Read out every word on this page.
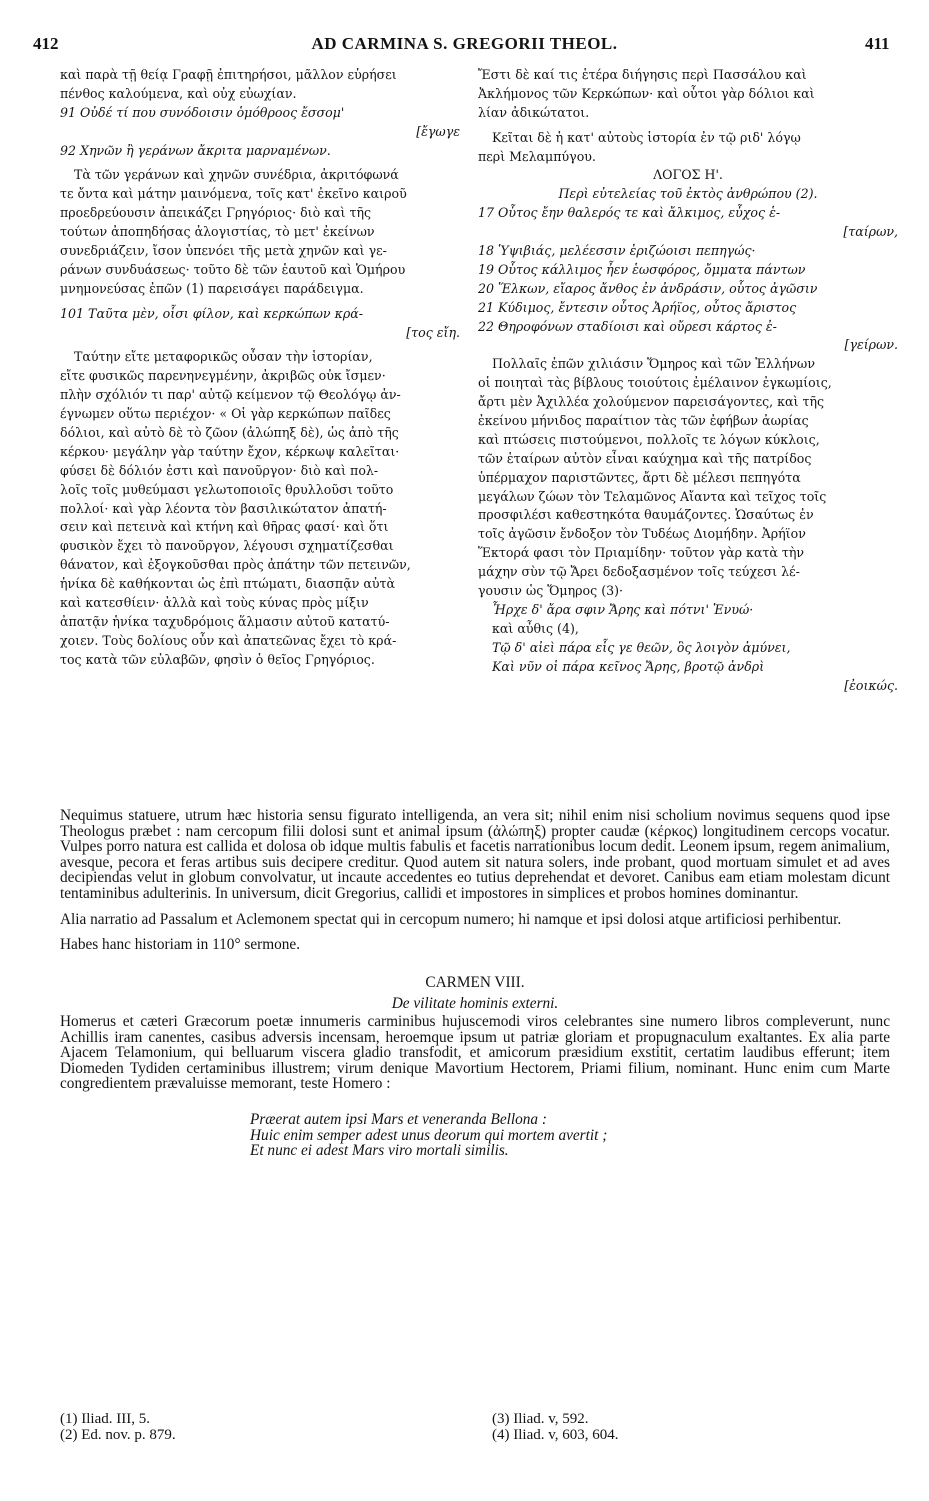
412	AD CARMINA S. GREGORII THEOL.	411
καὶ παρὰ τῇ θείᾳ Γραφῇ ἐπιτηρήσοι, μᾶλλον εὑρήσει
πένθος καλούμενα, καὶ οὐχ εὐωχίαν.
91 Οὐδέ τί που συνόδοισιν ὁμόθροος ἔσσομ'
[ἔγωγε
92 Χηνῶν ἢ γεράνων ἄκριτα μαρναμένων.
Τὰ τῶν γεράνων καὶ χηνῶν συνέδρια, ἀκριτόφωνά
τε ὄντα καὶ μάτην μαινόμενα, τοῖς κατ' ἐκεῖνο καιροῦ
προεδρεύουσιν ἀπεικάζει Γρηγόριος· διὸ καὶ τῆς
τούτων ἀποπηδήσας ἀλογιστίας, τὸ μετ' ἐκείνων
συνεδριάζειν, ἴσον ὑπενόει τῆς μετὰ χηνῶν καὶ γε-
ράνων συνδυάσεως· τοῦτο δὲ τῶν ἑαυτοῦ καὶ Ὁμήρου
μνημονεύσας ἐπῶν (1) παρεισάγει παράδειγμα.
101 Ταῦτα μὲν, οἷσι φίλον, καὶ κερκώπων κρά-
[τος εἴη.
Ταύτην εἴτε μεταφορικῶς οὖσαν τὴν ἱστορίαν,
εἴτε φυσικῶς παρενηνεγμένην, ἀκριβῶς οὐκ ἴσμεν·
πλὴν σχόλιόν τι παρ' αὐτῷ κείμενον τῷ Θεολόγῳ ἀν-
έγνωμεν οὕτω περιέχον· « Οἱ γὰρ κερκώπων παῖδες
δόλιοι, καὶ αὐτὸ δὲ τὸ ζῶον (ἀλώπηξ δὲ), ὡς ἀπὸ τῆς
κέρκου· μεγάλην γὰρ ταύτην ἔχον, κέρκωψ καλεῖται·
φύσει δὲ δόλιόν ἐστι καὶ πανοῦργον· διὸ καὶ πολ-
λοῖς τοῖς μυθεύμασι γελωτοποιοῖς θρυλλοῦσι τοῦτο
πολλοί· καὶ γὰρ λέοντα τὸν βασιλικώτατον ἀπατή-
σειν καὶ πετεινὰ καὶ κτήνη καὶ θῆρας φασί· καὶ ὅτι
φυσικὸν ἔχει τὸ πανοῦργον, λέγουσι σχηματίζεσθαι
θάνατον, καὶ ἐξογκοῦσθαι πρὸς ἀπάτην τῶν πετεινῶν,
ἡνίκα δὲ καθήκονται ὡς ἐπὶ πτώματι, διασπᾷν αὐτὰ
καὶ κατεσθίειν· ἀλλὰ καὶ τοὺς κύνας πρὸς μίξιν
ἀπατᾷν ἡνίκα ταχυδρόμοις ἅλμασιν αὐτοῦ κατατύ-
χοιεν. Τοὺς δολίους οὖν καὶ ἀπατεῶνας ἔχει τὸ κρά-
τος κατὰ τῶν εὐλαβῶν, φησὶν ὁ θεῖος Γρηγόριος.
Ἔστι δὲ καί τις ἑτέρα διήγησις περὶ Πασσάλου καὶ
Ἀκλήμονος τῶν Κερκώπων· καὶ οὗτοι γὰρ δόλιοι καὶ
λίαν ἀδικώτατοι.
Κεῖται δὲ ἡ κατ' αὐτοὺς ἱστορία ἐν τῷ ριδ' λόγῳ
περὶ Μελαμπύγου.
ΛΟΓΟΣ Η'.
Περὶ εὐτελείας τοῦ ἐκτὸς ἀνθρώπου (2).
17 Οὗτος ἔην θαλερός τε καὶ ἄλκιμος, εὖχος ἑ-
[ταίρων,
18 Ὑψιβιάς, μελέεσσιν ἐριζώοισι πεπηγώς·
19 Οὗτος κάλλιμος ἦεν ἑωσφόρος, ὄμματα πάντων
20 Ἕλκων, εἴαρος ἄνθος ἐν ἀνδράσιν, οὗτος ἀγῶσιν
21 Κύδιμος, ἔντεσιν οὗτος Ἀρήϊος, οὗτος ἄριστος
22 Θηροφόνων σταδίοισι καὶ οὔρεσι κάρτος ἐ-
[γείρων.
Πολλαῖς ἐπῶν χιλιάσιν Ὅμηρος καὶ τῶν Ἑλλήνων
οἱ ποιηταὶ τὰς βίβλους τοιούτοις ἐμέλαινον ἐγκωμίοις,
ἄρτι μὲν Ἀχιλλέα χολούμενον παρεισάγοντες, καὶ τῆς
ἐκείνου μήνιδος παραίτιον τὰς τῶν ἐφήβων ἀωρίας
καὶ πτώσεις πιστούμενοι, πολλοῖς τε λόγων κύκλοις,
τῶν ἑταίρων αὐτὸν εἶναι καύχημα καὶ τῆς πατρίδος
ὑπέρμαχον παριστῶντες, ἄρτι δὲ μέλεσι πεπηγότα
μεγάλων ζώων τὸν Τελαμῶνος Αἴαντα καὶ τεῖχος τοῖς
προσφιλέσι καθεστηκότα θαυμάζοντες. Ὡσαύτως ἐν
τοῖς ἀγῶσιν ἔνδοξον τὸν Τυδέως Διομήδην. Ἀρήϊον
Ἕκτορά φασι τὸν Πριαμίδην· τοῦτον γὰρ κατὰ τὴν
μάχην σὺν τῷ Ἄρει δεδοξασμένον τοῖς τεύχεσι λέ-
γουσιν ὡς Ὅμηρος (3)·
Ἦρχε δ' ἄρα σφιν Ἄρης καὶ πότνι' Ἐνυώ·
καὶ αὖθις (4),
Τῷ δ' αἰεὶ πάρα εἷς γε θεῶν, ὃς λοιγὸν ἀμύνει,
Καὶ νῦν οἱ πάρα κεῖνος Ἄρης, βροτῷ ἀνδρὶ
[ἐοικώς.

Nequimus statuere, utrum hæc historia sensu figurato intelligenda, an vera sit; nihil enim nisi scholium novimus sequens quod ipse Theologus præbet : nam cercopum filii dolosi sunt et animal ipsum (ἀλώπηξ) propter caudæ (κέρκος) longitudinem cercops vocatur. Vulpes porro natura est callida et dolosa ob idque multis fabulis et facetis narrationibus locum dedit. Leonem ipsum, regem animalium, avesque, pecora et feras artibus suis decipere creditur. Quod autem sit natura solers, inde probant, quod mortuam simulet et ad aves decipiendas velut in globum convolvatur, ut incaute accedentes eo tutius deprehendat et devoret. Canibus eam etiam molestam dicunt tentaminibus adulterinis. In universum, dicit Gregorius, callidi et impostores in simplices et probos homines dominantur.

Alia narratio ad Passalum et Aclemonem spectat qui in cercopum numero; hi namque et ipsi dolosi atque artificiosi perhibentur.

Habes hanc historiam in 110° sermone.

CARMEN VIII.

De vilitate hominis externi.

Homerus et cæteri Græcorum poetæ innumeris carminibus hujuscemodi viros celebrantes sine numero libros compleverunt, nunc Achillis iram canentes, casibus adversis incensam, heroemque ipsum ut patriæ gloriam et propugnaculum exaltantes. Ex alia parte Ajacem Telamonium, qui belluarum viscera gladio transfodit, et amicorum præsidium exstitit, certatim laudibus efferunt; item Diomeden Tydiden certaminibus illustrem; virum denique Mavortium Hectorem, Priami filium, nominant. Hunc enim cum Marte congredientem prævaluisse memorant, teste Homero :

Præerat autem ipsi Mars et veneranda Bellona :
Huic enim semper adest unus deorum qui mortem avertit ;
Et nunc ei adest Mars viro mortali similis.
(1) Iliad. III, 5.
(2) Ed. nov. p. 879.
(3) Iliad. v, 592.
(4) Iliad. v, 603, 604.
